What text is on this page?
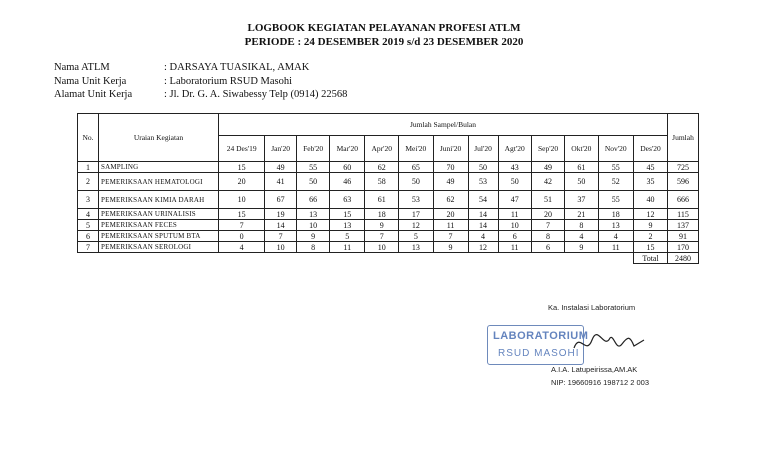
LOGBOOK KEGIATAN PELAYANAN PROFESI ATLM
PERIODE : 24 DESEMBER 2019 s/d 23 DESEMBER 2020
Nama ATLM	: DARSAYA TUASIKAL, AMAK
Nama Unit Kerja	: Laboratorium RSUD Masohi
Alamat Unit Kerja	: Jl. Dr. G. A. Siwabessy Telp (0914) 22568
No.	Uraian Kegiatan	Jumlah Sampel/Bulan													Jumlah
		24 Des'19	Jan'20	Feb'20	Mar'20	Apr'20	Mei'20	Juni'20	Jul'20	Agt'20	Sep'20	Okt'20	Nov'20	Des'20	
1	SAMPLING	15	49	55	60	62	65	70	50	43	49	61	55	45	725
2	PEMERIKSAAN HEMATOLOGI	20	41	50	46	58	50	49	53	50	42	50	52	35	596
3	PEMERIKSAAN KIMIA DARAH	10	67	66	63	61	53	62	54	47	51	37	55	40	666
4	PEMERIKSAAN URINALISIS	15	19	13	15	18	17	20	14	11	20	21	18	12	115
5	PEMERIKSAAN FECES	7	14	10	13	9	12	11	14	10	7	8	13	9	137
6	PEMERIKSAAN SPUTUM BTA	0	7	9	5	7	5	7	4	6	8	4	4	2	91
7	PEMERIKSAAN SEROLOGI	4	10	8	11	10	13	9	12	11	6	9	11	15	170
														Total	2480
Ka. Instalasi Laboratorium
LABORATORIUM
RSUD MASOHI
A.I.A. Latupeirissa,AM.AK
NIP: 19660916 198712 2 003
